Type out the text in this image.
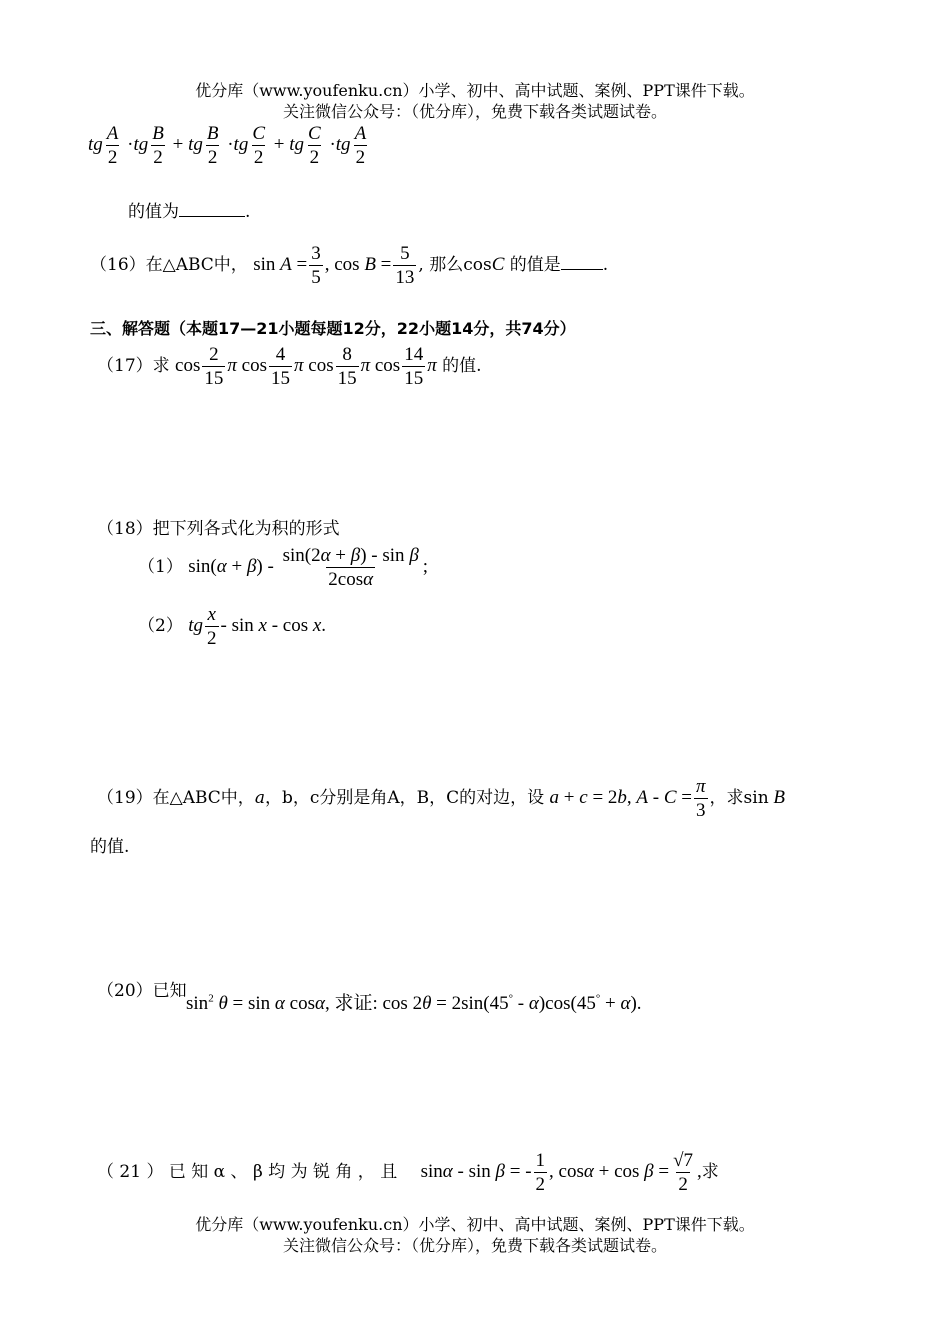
优分库（www.youfenku.cn）小学、初中、高中试题、案例、PPT课件下载。
关注微信公众号：（优分库），免费下载各类试题试卷。
tg $\frac{A}{2} \cdot tg \frac{B}{2}$ + tg $\frac{B}{2} \cdot tg \frac{C}{2}$ + tg $\frac{C}{2} \cdot tg \frac{A}{2}$
的值为	.
（16）在△ABC中， $\sin A = \frac{3}{5}$ , $\cos B = \frac{5}{13}$ , 那么cosC 的值是 .
三、解答题（本题17—21小题每题12分，22小题14分，共74分）
（17）求 $\cos \frac{2}{15}$ π $\cos \frac{4}{15}$ π $\cos \frac{8}{15}$ π $\cos \frac{14}{15}$ π 的值.
（18）把下列各式化为积的形式
（1） $\sin(\alpha + \beta) - \frac{\text{sin(2α + β) - sin β}}{2\cos\alpha}$ ;
（2） tg $\frac{x}{2}$ - sin x - cos x.
（19）在△ABC中，a，b，c分别是角A，B，C的对边，设 a + c = 2b, $A - C = \frac{\pi}{3}$ ，求sin B
的值.
（20）已知
$\sin^2 \theta = \sin \alpha$ cosα, 求证: cos 2θ = 2sin(45° - α)cos(45° + α).
（ 21 ） 已 知 α 、 β 均 为 锐 角 ， 且 sinα - sin β = - $\frac{1}{2}$ , $\cos\alpha + \cos \beta = \frac{√7}{2}$ ,求
优分库（www.youfenku.cn）小学、初中、高中试题、案例、PPT课件下载。
关注微信公众号：（优分库），免费下载各类试题试卷。
